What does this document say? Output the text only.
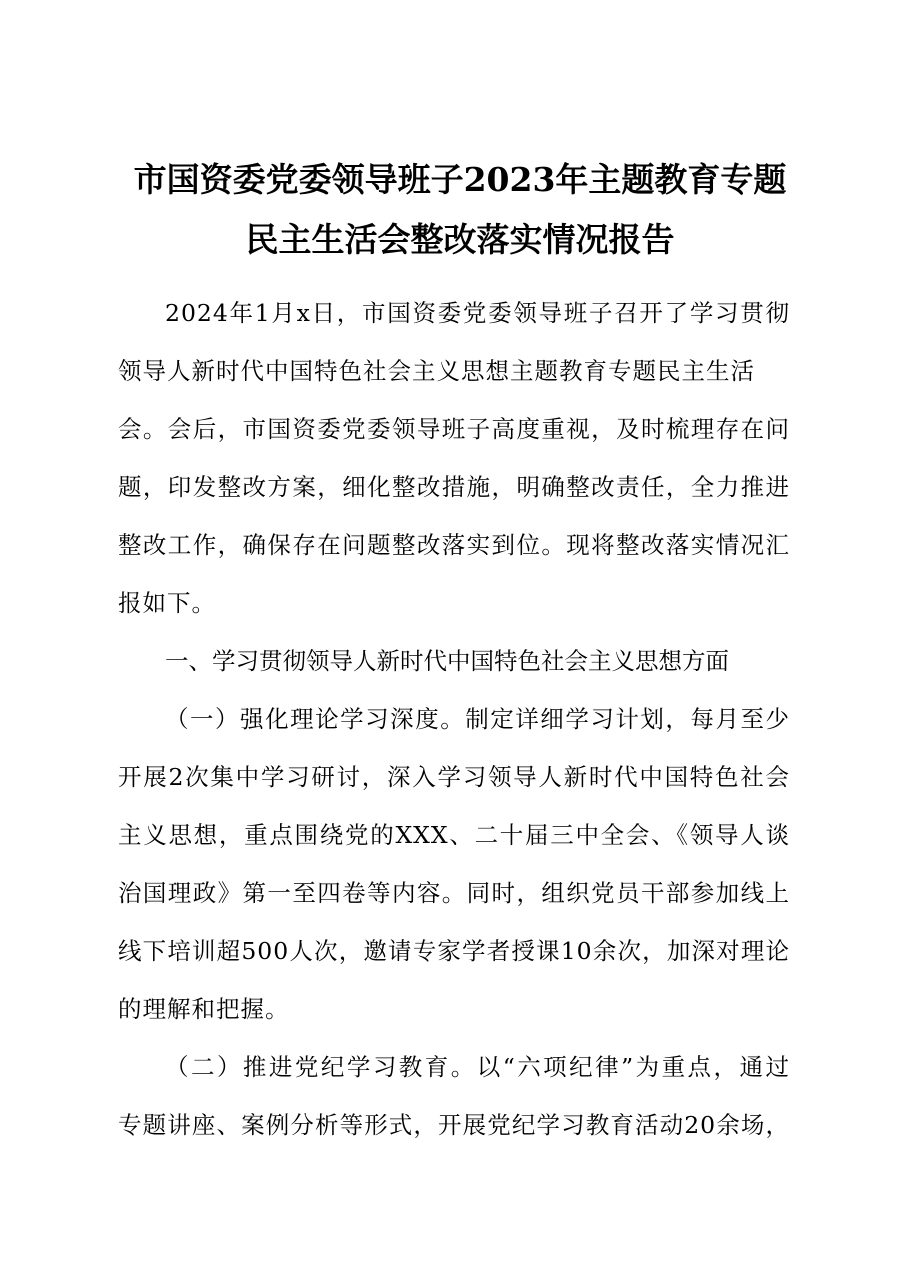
市国资委党委领导班子2023年主题教育专题
民主生活会整改落实情况报告
2024年1月x日，市国资委党委领导班子召开了学习贯彻
领导人新时代中国特色社会主义思想主题教育专题民主生活
会。会后，市国资委党委领导班子高度重视，及时梳理存在问
题，印发整改方案，细化整改措施，明确整改责任，全力推进
整改工作，确保存在问题整改落实到位。现将整改落实情况汇
报如下。
一、学习贯彻领导人新时代中国特色社会主义思想方面
（一）强化理论学习深度。制定详细学习计划，每月至少
开展2次集中学习研讨，深入学习领导人新时代中国特色社会
主义思想，重点围绕党的XXX、二十届三中全会、《领导人谈
治国理政》第一至四卷等内容。同时，组织党员干部参加线上
线下培训超500人次，邀请专家学者授课10余次，加深对理论
的理解和把握。
（二）推进党纪学习教育。以“六项纪律”为重点，通过
专题讲座、案例分析等形式，开展党纪学习教育活动20余场，
